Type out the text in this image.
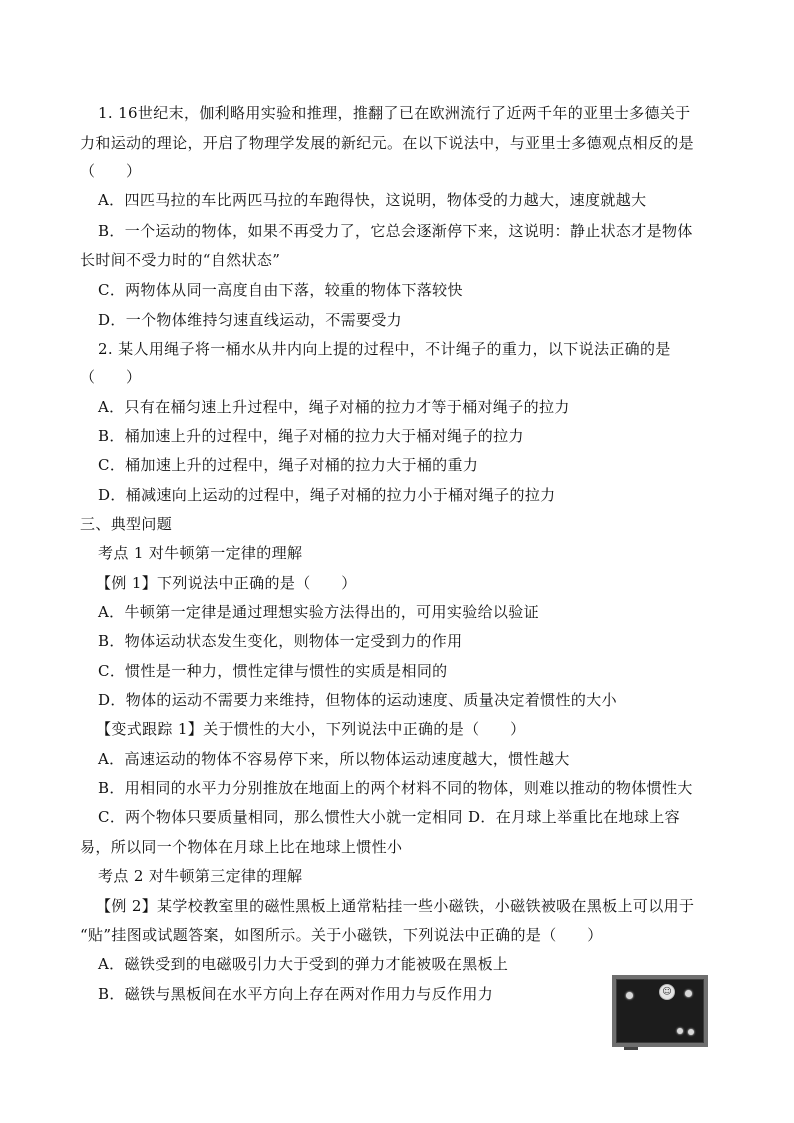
1. 16世纪末，伽利略用实验和推理，推翻了已在欧洲流行了近两千年的亚里士多德关于
力和运动的理论，开启了物理学发展的新纪元。在以下说法中，与亚里士多德观点相反的是
（　　）
A．四匹马拉的车比两匹马拉的车跑得快，这说明，物体受的力越大，速度就越大
B．一个运动的物体，如果不再受力了，它总会逐渐停下来，这说明：静止状态才是物体
长时间不受力时的“自然状态”
C．两物体从同一高度自由下落，较重的物体下落较快
D．一个物体维持匀速直线运动，不需要受力
2. 某人用绳子将一桶水从井内向上提的过程中，不计绳子的重力，以下说法正确的是
（　　）
A．只有在桶匀速上升过程中，绳子对桶的拉力才等于桶对绳子的拉力
B．桶加速上升的过程中，绳子对桶的拉力大于桶对绳子的拉力
C．桶加速上升的过程中，绳子对桶的拉力大于桶的重力
D．桶减速向上运动的过程中，绳子对桶的拉力小于桶对绳子的拉力
三、典型问题
考点 1 对牛顿第一定律的理解
【例 1】下列说法中正确的是（　　）
A．牛顿第一定律是通过理想实验方法得出的，可用实验给以验证
B．物体运动状态发生变化，则物体一定受到力的作用
C．惯性是一种力，惯性定律与惯性的实质是相同的
D．物体的运动不需要力来维持，但物体的运动速度、质量决定着惯性的大小
【变式跟踪 1】关于惯性的大小，下列说法中正确的是（　　）
A．高速运动的物体不容易停下来，所以物体运动速度越大，惯性越大
B．用相同的水平力分别推放在地面上的两个材料不同的物体，则难以推动的物体惯性大
C．两个物体只要质量相同，那么惯性大小就一定相同 D．在月球上举重比在地球上容
易，所以同一个物体在月球上比在地球上惯性小
考点 2 对牛顿第三定律的理解
【例 2】某学校教室里的磁性黑板上通常粘挂一些小磁铁，小磁铁被吸在黑板上可以用于
“贴”挂图或试题答案，如图所示。关于小磁铁，下列说法中正确的是（　　）
A．磁铁受到的电磁吸引力大于受到的弹力才能被吸在黑板上
B．磁铁与黑板间在水平方向上存在两对作用力与反作用力	☺
